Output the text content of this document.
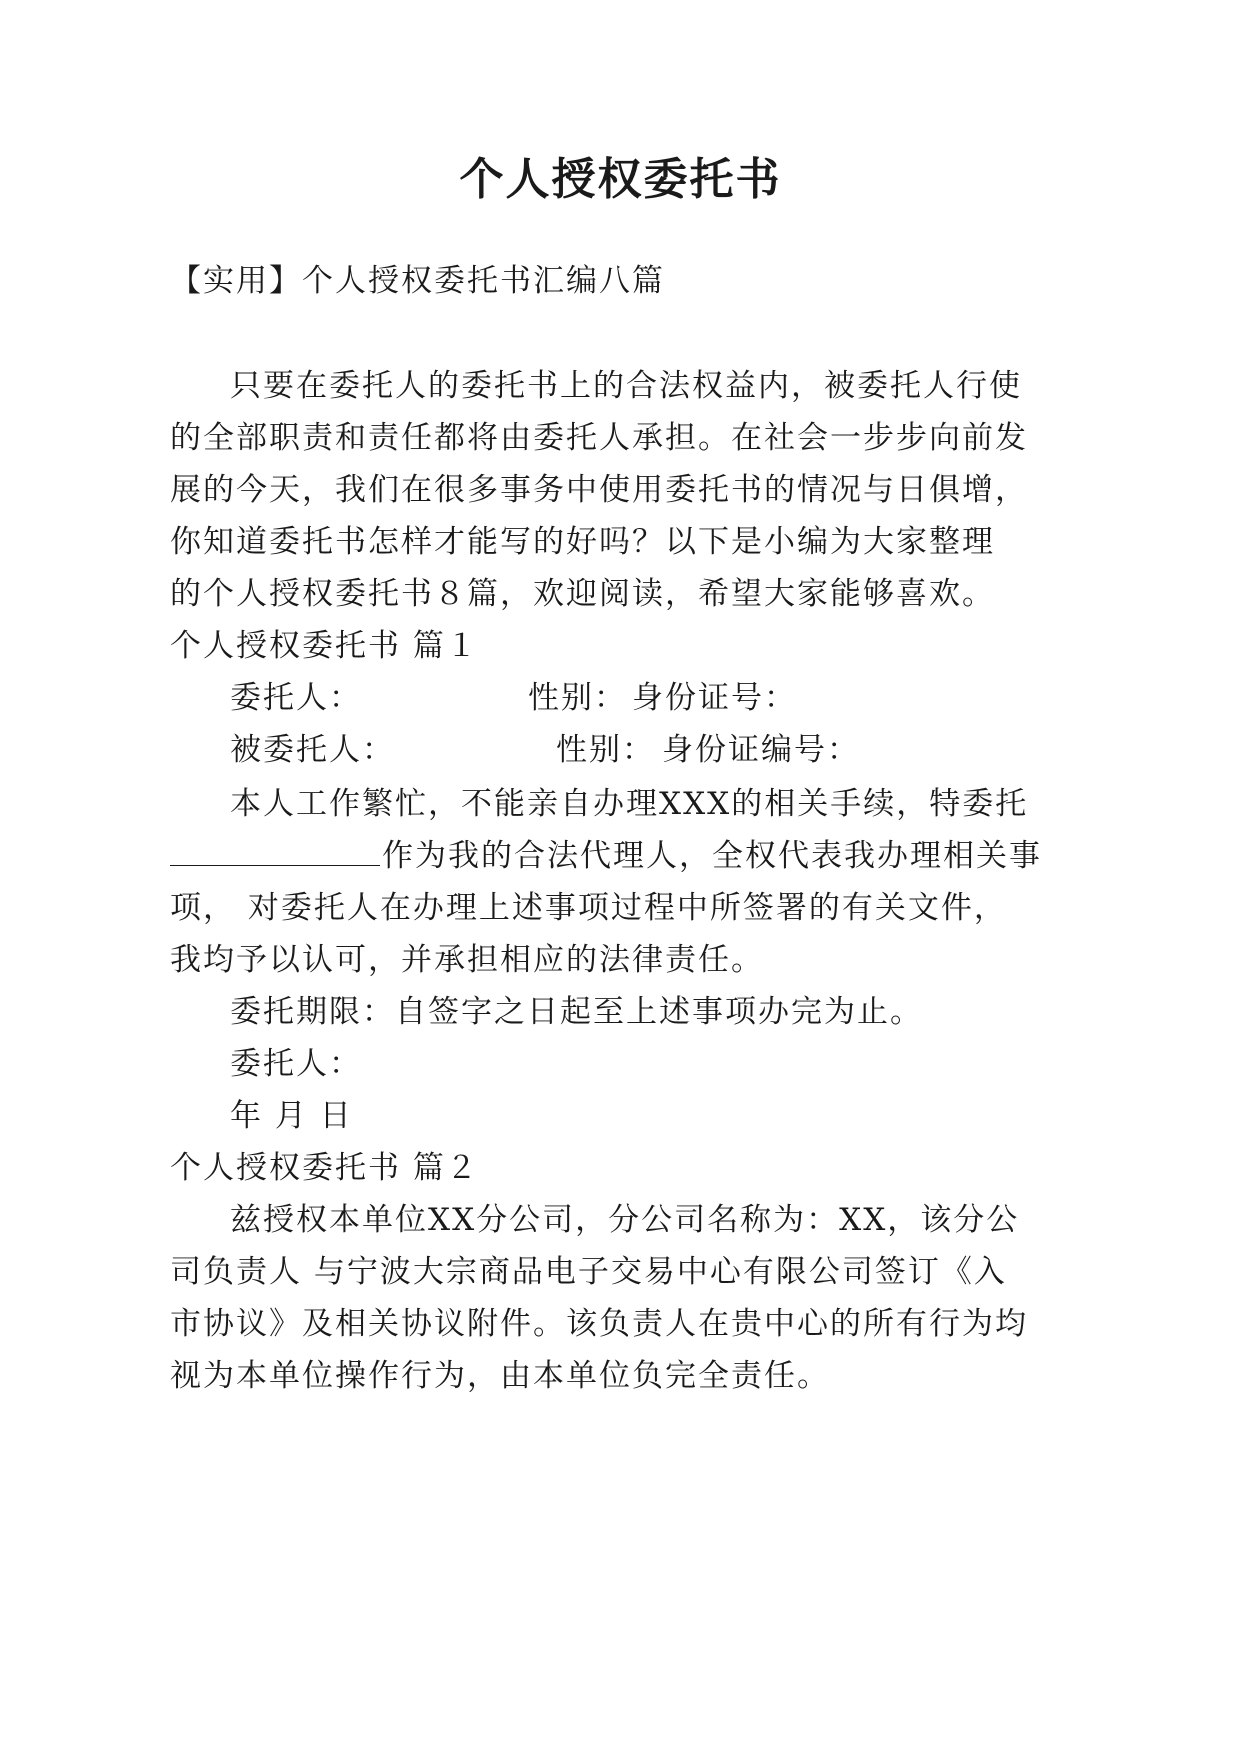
个人授权委托书
【实用】个人授权委托书汇编八篇
只要在委托人的委托书上的合法权益内，被委托人行使
的全部职责和责任都将由委托人承担。在社会一步步向前发
展的今天，我们在很多事务中使用委托书的情况与日俱增，
你知道委托书怎样才能写的好吗？以下是小编为大家整理
的个人授权委托书８篇，欢迎阅读，希望大家能够喜欢。
个人授权委托书 篇１
委托人：	性别： 身份证号：
被委托人：	性别： 身份证编号：
本人工作繁忙，不能亲自办理XXX的相关手续，特委托
作为我的合法代理人，全权代表我办理相关事
项， 对委托人在办理上述事项过程中所签署的有关文件，
我均予以认可，并承担相应的法律责任。
委托期限：自签字之日起至上述事项办完为止。
委托人：
年 月 日
个人授权委托书 篇２
兹授权本单位XX分公司，分公司名称为：XX，该分公
司负责人 与宁波大宗商品电子交易中心有限公司签订《入
市协议》及相关协议附件。该负责人在贵中心的所有行为均
视为本单位操作行为，由本单位负完全责任。
